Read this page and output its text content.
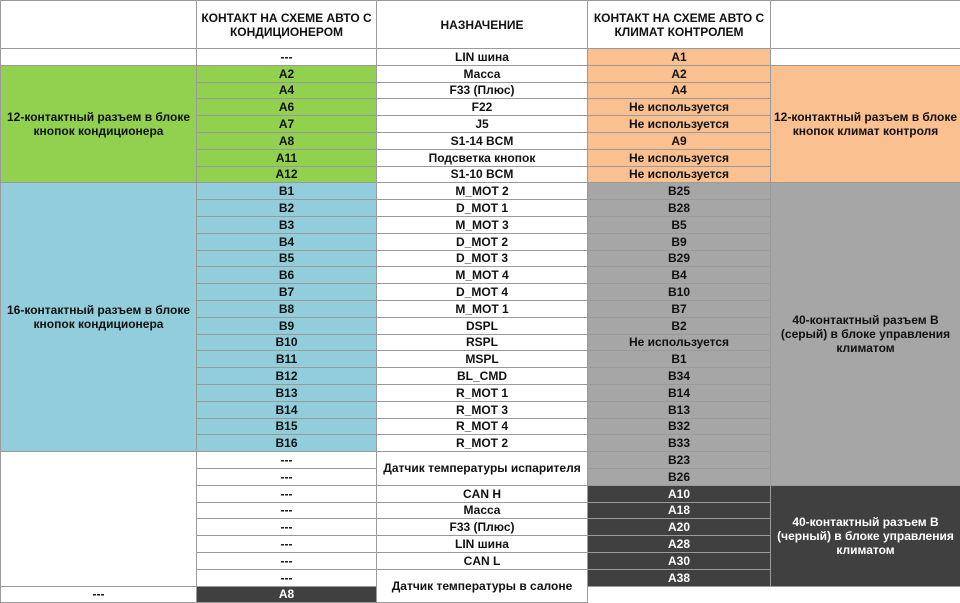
	КОНТАКТ НА СХЕМЕ АВТО С КОНДИЦИОНЕРОМ	НАЗНАЧЕНИЕ	КОНТАКТ НА СХЕМЕ АВТО С КЛИМАТ КОНТРОЛЕМ	
	---	LIN шина	A1	
12-контактный разъем в блоке кнопок кондиционера	A2	Масса	A2	12-контактный разъем в блоке кнопок климат контроля
	A4	F33 (Плюс)	A4	
	A6	F22	Не используется	
	A7	J5	Не используется	
	A8	S1-14 BCM	A9	
	A11	Подсветка кнопок	Не используется	
	A12	S1-10 BCM	Не используется	
16-контактный разъем в блоке кнопок кондиционера	B1	M_MOT 2	B25	40-контактный разъем B (серый) в блоке управления климатом
	B2	D_MOT 1	B28	
	B3	M_MOT 3	B5	
	B4	D_MOT 2	B9	
	B5	D_MOT 3	B29	
	B6	M_MOT 4	B4	
	B7	D_MOT 4	B10	
	B8	M_MOT 1	B7	
	B9	DSPL	B2	
	B10	RSPL	Не используется	
	B11	MSPL	B1	
	B12	BL_CMD	B34	
	B13	R_MOT 1	B14	
	B14	R_MOT 3	B13	
	B15	R_MOT 4	B32	
	B16	R_MOT 2	B33	
	---	Датчик температуры испарителя	B23	
	---		B26	
	---	CAN H	A10	40-контактный разъем B (черный) в блоке управления климатом
	---	Масса	A18	
	---	F33 (Плюс)	A20	
	---	LIN шина	A28	
	---	CAN L	A30	
	---	Датчик температуры в салоне	A38	
---	A8			
